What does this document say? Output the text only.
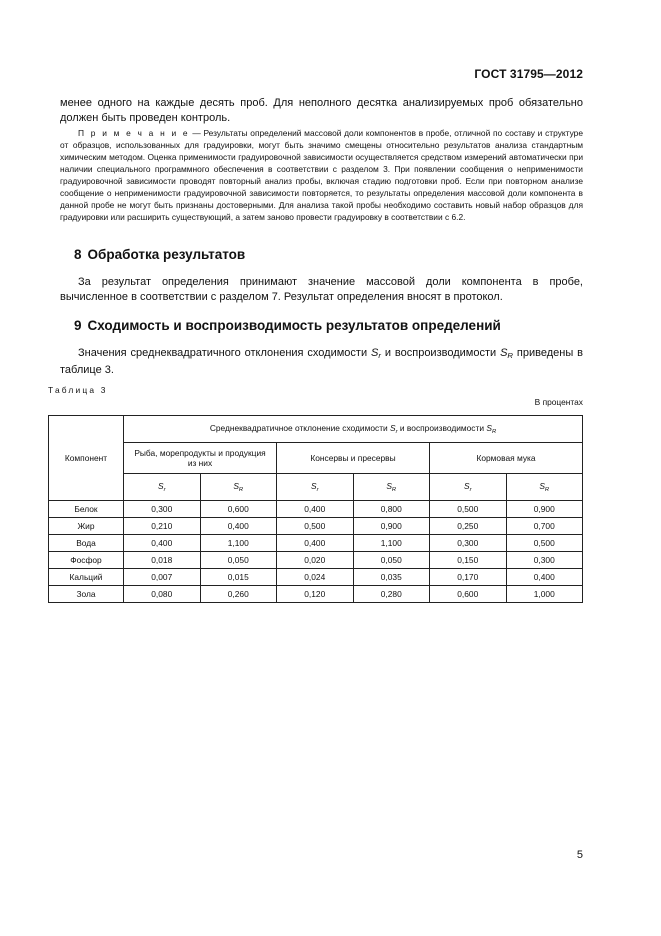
ГОСТ 31795—2012

менее одного на каждые десять проб. Для неполного десятка анализируемых проб обязательно должен быть проведен контроль.

П р и м е ч а н и е — Результаты определений массовой доли компонентов в пробе, отличной по составу и структуре от образцов, использованных для градуировки, могут быть значимо смещены относительно результатов анализа стандартным химическим методом. Оценка применимости градуировочной зависимости осуществляется средством измерений автоматически при наличии специального программного обеспечения в соответствии с разделом 3. При появлении сообщения о неприменимости градуировочной зависимости проводят повторный анализ пробы, включая стадию подготовки проб. Если при повторном анализе сообщение о неприменимости градуировочной зависимости повторяется, то результаты определения массовой доли компонента в данной пробе не могут быть признаны достоверными. Для анализа такой пробы необходимо составить новый набор образцов для градуировки или расширить существующий, а затем заново провести градуировку в соответствии с 6.2.

8 Обработка результатов

За результат определения принимают значение массовой доли компонента в пробе, вычисленное в соответствии с разделом 7. Результат определения вносят в протокол.

9 Сходимость и воспроизводимость результатов определений

Значения среднеквадратичного отклонения сходимости $S_r$ и воспроизводимости $S_R$ приведены в таблице 3.

Таблица 3
В процентах
Компонент	Среднеквадратичное отклонение сходимости $S_r$ и воспроизводимости $S_R$
	Рыба, морепродукты и продукция из них		Консервы и пресервы		Кормовая мука	
	$S_r$	$S_R$	$S_r$	$S_R$	$S_r$	$S_R$
Белок	0,300	0,600	0,400	0,800	0,500	0,900
Жир	0,210	0,400	0,500	0,900	0,250	0,700
Вода	0,400	1,100	0,400	1,100	0,300	0,500
Фосфор	0,018	0,050	0,020	0,050	0,150	0,300
Кальций	0,007	0,015	0,024	0,035	0,170	0,400
Зола	0,080	0,260	0,120	0,280	0,600	1,000
5
